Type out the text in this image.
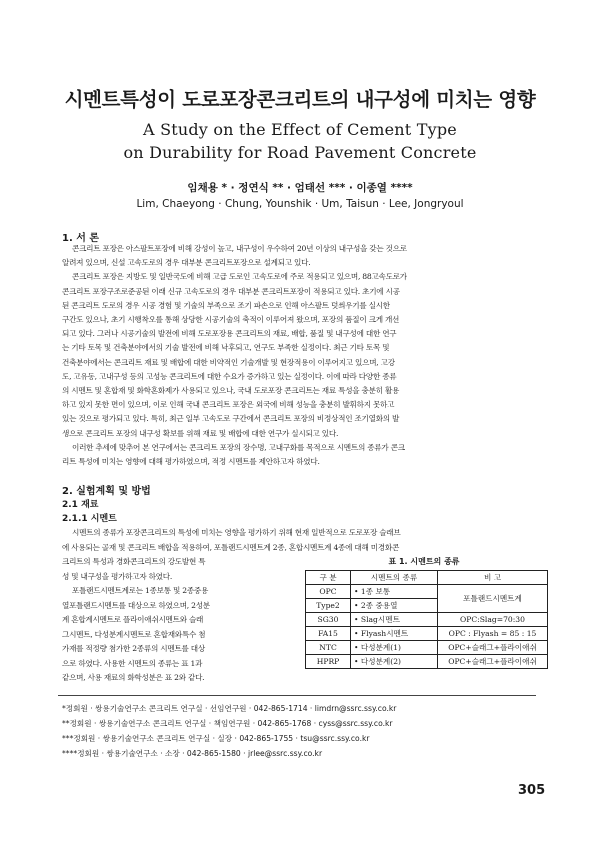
시멘트특성이 도로포장콘크리트의 내구성에 미치는 영향
A Study on the Effect of Cement Type
on Durability for Road Pavement Concrete
임채용 * · 정연식 ** · 엄태선 *** · 이종열 ****
Lim, Chaeyong · Chung, Younshik · Um, Taisun · Lee, Jongryoul
1. 서 론
콘크리트 포장은 아스팔트포장에 비해 강성이 높고, 내구성이 우수하여 20년 이상의 내구성을 갖는 것으로
알려져 있으며, 신설 고속도로의 경우 대부분 콘크리트포장으로 설계되고 있다.
콘크리트 포장은 지방도 및 일반국도에 비해 고급 도로인 고속도로에 주로 적용되고 있으며, 88고속도로가
콘크리트 포장구조로준공된 이래 신규 고속도로의 경우 대부분 콘크리트포장이 적용되고 있다. 초기에 시공
된 콘크리트 도로의 경우 시공 경험 및 기술의 부족으로 조기 파손으로 인해 아스팔트 덧씌우기를 실시한
구간도 있으나, 초기 시행착오를 통해 상당한 시공기술의 축적이 이루어져 왔으며, 포장의 품질이 크게 개선
되고 있다. 그러나 시공기술의 발전에 비해 도로포장용 콘크리트의 재료, 배합, 품질 및 내구성에 대한 연구
는 기타 토목 및 건축분야에서의 기술 발전에 비해 낙후되고, 연구도 부족한 실정이다. 최근 기타 토목 및
건축분야에서는 콘크리트 재료 및 배합에 대한 비약적인 기술개발 및 현장적용이 이루어지고 있으며, 고강
도, 고유동, 고내구성 등의 고성능 콘크리트에 대한 수요가 증가하고 있는 실정이다. 이에 따라 다양한 종류
의 시멘트 및 혼합재 및 화학혼화제가 사용되고 있으나, 국내 도로포장 콘크리트는 재료 특성을 충분히 활용
하고 있지 못한 면이 있으며, 이로 인해 국내 콘크리트 포장은 외국에 비해 성능을 충분히 발휘하지 못하고
있는 것으로 평가되고 있다. 특히, 최근 일부 고속도로 구간에서 콘크리트 포장의 비정상적인 조기열화의 발
생으로 콘크리트 포장의 내구성 확보를 위해 재료 및 배합에 대한 연구가 실시되고 있다.
이러한 추세에 맞추어 본 연구에서는 콘크리트 포장의 장수명, 고내구화를 목적으로 시멘트의 종류가 콘크
리트 특성에 미치는 영향에 대해 평가하였으며, 적정 시멘트를 제안하고자 하였다.
2. 실험계획 및 방법
2.1 재료
2.1.1 시멘트
시멘트의 종류가 포장콘크리트의 특성에 미치는 영향을 평가하기 위해 현재 일반적으로 도로포장 슬래브
에 사용되는 골재 및 콘크리트 배합을 적용하여, 포틀랜드시멘트계 2종, 혼합시멘트계 4종에 대해 미경화콘
크리트의 특성과 경화콘크리트의 강도발현 특
성 및 내구성을 평가하고자 하였다.
포틀랜드시멘트계로는 1종보통 및 2종중용
열포틀랜드시멘트를 대상으로 하였으며, 2성분
계 혼합계시멘트로 플라이애쉬시멘트와 슬래
그시멘트, 다성분계시멘트로 혼합재와특수 첨
가재를 적정량 첨가한 2종류의 시멘트를 대상
으로 하였다. 사용한 시멘트의 종류는 표 1과
같으며, 사용 재료의 화학성분은 표 2와 같다.
표 1. 시멘트의 종류
구 분	시멘트의 종류	비 고
OPC	• 1종 보통	포틀랜드시멘트계
Type2	• 2종 중용열	
SG30	• Slag시멘트	OPC:Slag=70:30
FA15	• Flyash시멘트	OPC : Flyash = 85 : 15
NTC	• 다성분계(1)	OPC+슬래그+플라이애쉬
HPRP	• 다성분계(2)	OPC+슬래그+플라이애쉬
*정회원 · 쌍용기술연구소 콘크리트 연구실 · 선임연구원 · 042-865-1714 · limdrn@ssrc.ssy.co.kr
**정회원 · 쌍용기술연구소 콘크리트 연구실 · 책임연구원 · 042-865-1768 · cyss@ssrc.ssy.co.kr
***정회원 · 쌍용기술연구소 콘크리트 연구실 · 실장 · 042-865-1755 · tsu@ssrc.ssy.co.kr
****정회원 · 쌍용기술연구소 · 소장 · 042-865-1580 · jrlee@ssrc.ssy.co.kr
305
